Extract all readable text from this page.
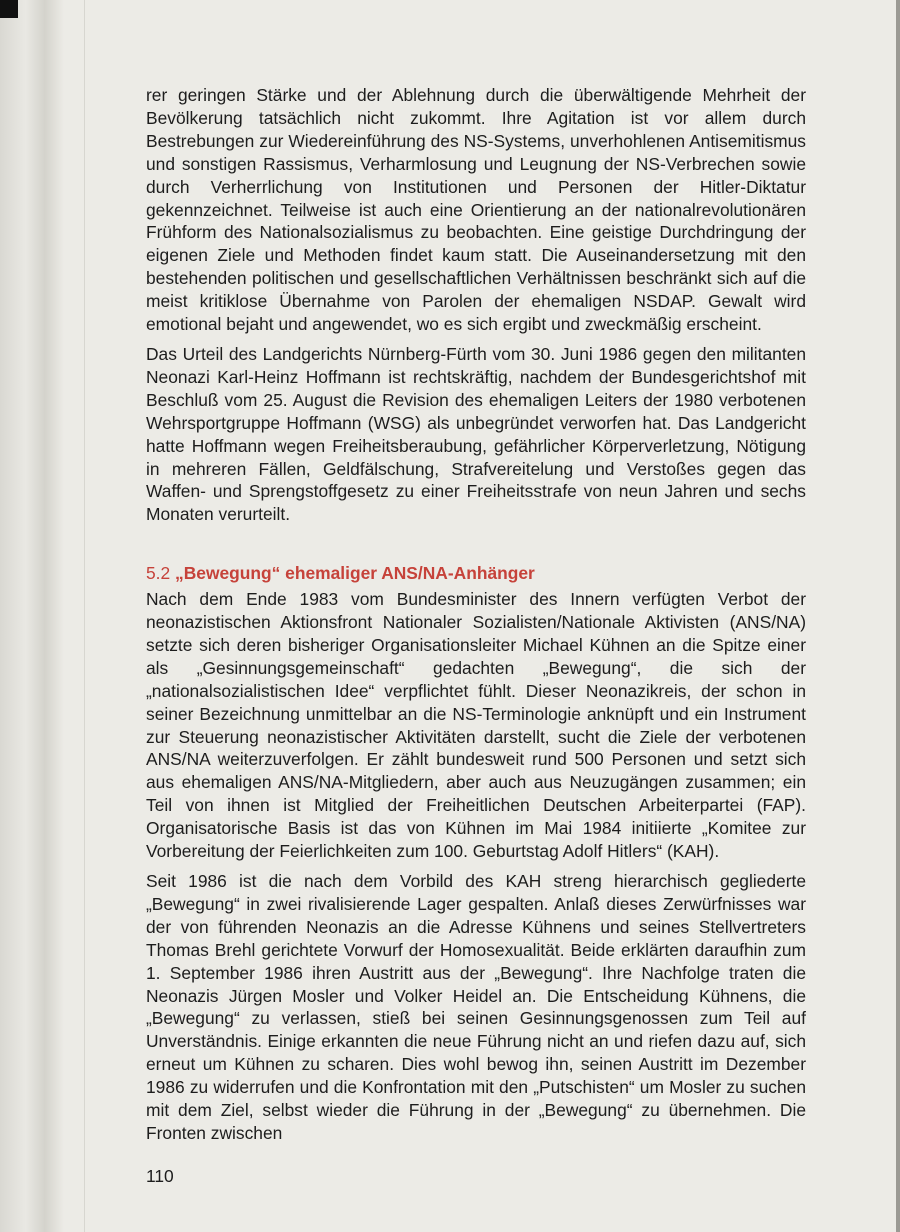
rer geringen Stärke und der Ablehnung durch die überwältigende Mehrheit der Bevölkerung tatsächlich nicht zukommt. Ihre Agitation ist vor allem durch Bestrebungen zur Wiedereinführung des NS-Systems, unverhohlenen Antisemitismus und sonstigen Rassismus, Verharmlosung und Leugnung der NS-Verbrechen sowie durch Verherrlichung von Institutionen und Personen der Hitler-Diktatur gekennzeichnet. Teilweise ist auch eine Orientierung an der nationalrevolutionären Frühform des Nationalsozialismus zu beobachten. Eine geistige Durchdringung der eigenen Ziele und Methoden findet kaum statt. Die Auseinandersetzung mit den bestehenden politischen und gesellschaftlichen Verhältnissen beschränkt sich auf die meist kritiklose Übernahme von Parolen der ehemaligen NSDAP. Gewalt wird emotional bejaht und angewendet, wo es sich ergibt und zweckmäßig erscheint.

Das Urteil des Landgerichts Nürnberg-Fürth vom 30. Juni 1986 gegen den militanten Neonazi Karl-Heinz Hoffmann ist rechtskräftig, nachdem der Bundesgerichtshof mit Beschluß vom 25. August die Revision des ehemaligen Leiters der 1980 verbotenen Wehrsportgruppe Hoffmann (WSG) als unbegründet verworfen hat. Das Landgericht hatte Hoffmann wegen Freiheitsberaubung, gefährlicher Körperverletzung, Nötigung in mehreren Fällen, Geldfälschung, Strafvereitelung und Verstoßes gegen das Waffen- und Sprengstoffgesetz zu einer Freiheitsstrafe von neun Jahren und sechs Monaten verurteilt.

5.2 „Bewegung“ ehemaliger ANS/NA-Anhänger

Nach dem Ende 1983 vom Bundesminister des Innern verfügten Verbot der neonazistischen Aktionsfront Nationaler Sozialisten/Nationale Aktivisten (ANS/NA) setzte sich deren bisheriger Organisationsleiter Michael Kühnen an die Spitze einer als „Gesinnungsgemeinschaft“ gedachten „Bewegung“, die sich der „nationalsozialistischen Idee“ verpflichtet fühlt. Dieser Neonazikreis, der schon in seiner Bezeichnung unmittelbar an die NS-Terminologie anknüpft und ein Instrument zur Steuerung neonazistischer Aktivitäten darstellt, sucht die Ziele der verbotenen ANS/NA weiterzuverfolgen. Er zählt bundesweit rund 500 Personen und setzt sich aus ehemaligen ANS/NA-Mitgliedern, aber auch aus Neuzugängen zusammen; ein Teil von ihnen ist Mitglied der Freiheitlichen Deutschen Arbeiterpartei (FAP). Organisatorische Basis ist das von Kühnen im Mai 1984 initiierte „Komitee zur Vorbereitung der Feierlichkeiten zum 100. Geburtstag Adolf Hitlers“ (KAH).

Seit 1986 ist die nach dem Vorbild des KAH streng hierarchisch gegliederte „Bewegung“ in zwei rivalisierende Lager gespalten. Anlaß dieses Zerwürfnisses war der von führenden Neonazis an die Adresse Kühnens und seines Stellvertreters Thomas Brehl gerichtete Vorwurf der Homosexualität. Beide erklärten daraufhin zum 1. September 1986 ihren Austritt aus der „Bewegung“. Ihre Nachfolge traten die Neonazis Jürgen Mosler und Volker Heidel an. Die Entscheidung Kühnens, die „Bewegung“ zu verlassen, stieß bei seinen Gesinnungsgenossen zum Teil auf Unverständnis. Einige erkannten die neue Führung nicht an und riefen dazu auf, sich erneut um Kühnen zu scharen. Dies wohl bewog ihn, seinen Austritt im Dezember 1986 zu widerrufen und die Konfrontation mit den „Putschisten“ um Mosler zu suchen mit dem Ziel, selbst wieder die Führung in der „Bewegung“ zu übernehmen. Die Fronten zwischen

110
